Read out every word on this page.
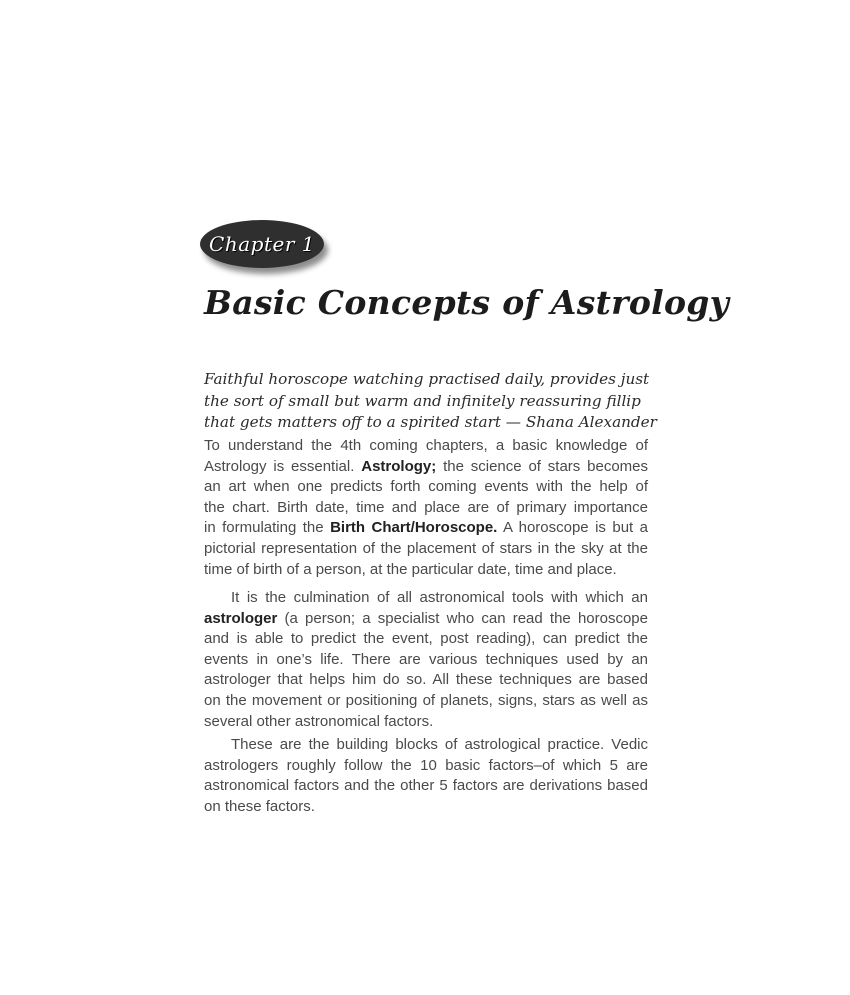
Chapter 1
Basic Concepts of Astrology

Faithful horoscope watching practised daily, provides just
the sort of small but warm and infinitely reassuring fillip
that gets matters off to a spirited start — Shana Alexander

To understand the 4th coming chapters, a basic knowledge of
Astrology is essential. Astrology; the science of stars becomes
an art when one predicts forth coming events with the help of
the chart. Birth date, time and place are of primary importance
in formulating the Birth Chart/Horoscope. A horoscope is but a
pictorial representation of the placement of stars in the sky at the
time of birth of a person, at the particular date, time and place.

It is the culmination of all astronomical tools with which an
astrologer (a person; a specialist who can read the horoscope
and is able to predict the event, post reading), can predict the
events in one’s life. There are various techniques used by an
astrologer that helps him do so. All these techniques are based
on the movement or positioning of planets, signs, stars as well as
several other astronomical factors.

These are the building blocks of astrological practice. Vedic
astrologers roughly follow the 10 basic factors–of which 5 are
astronomical factors and the other 5 factors are derivations based
on these factors.
